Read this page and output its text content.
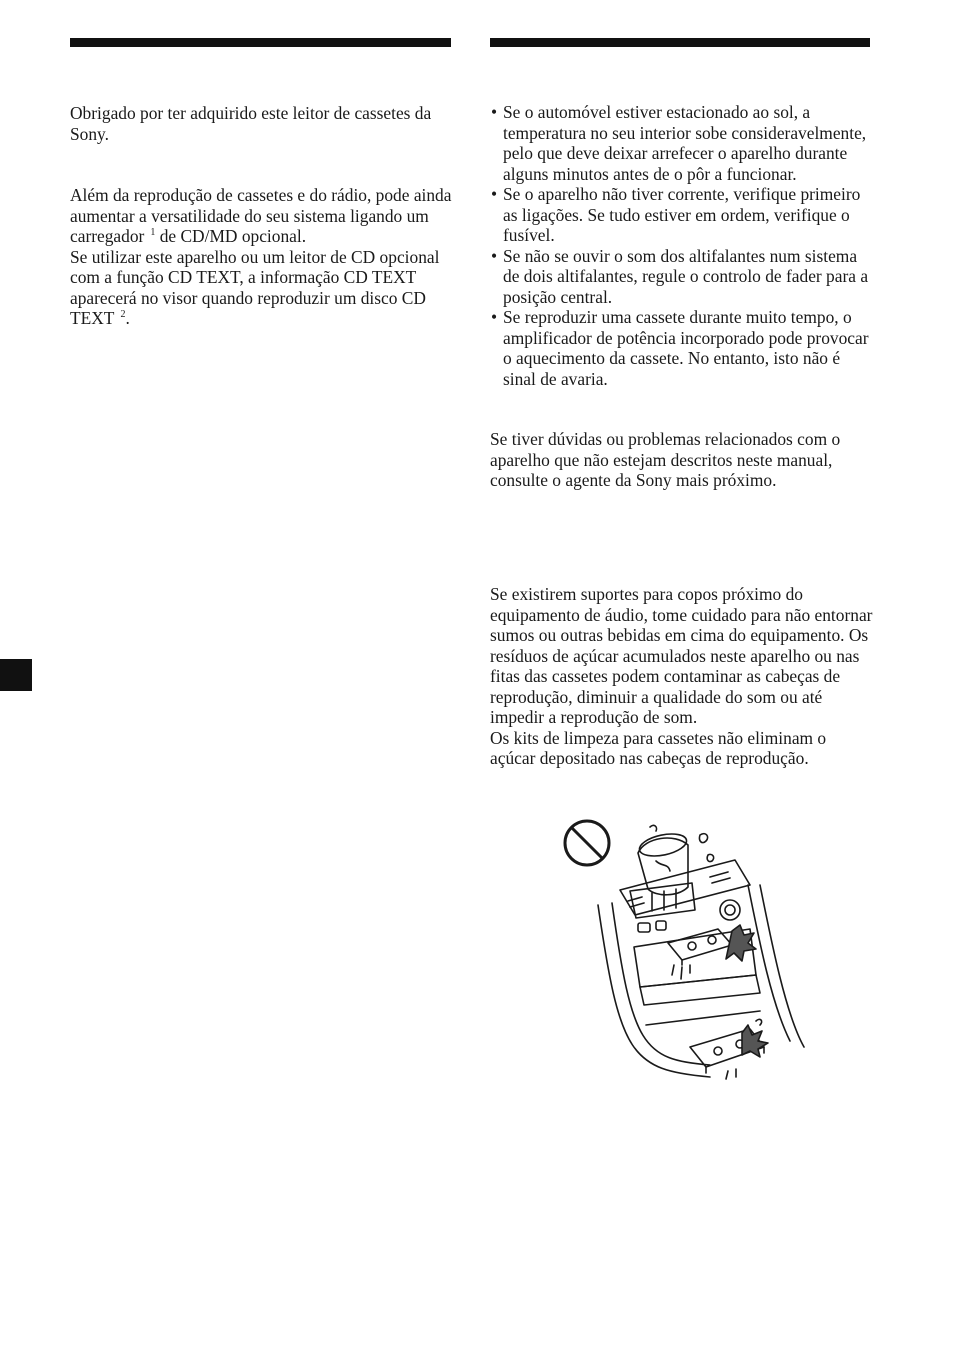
Obrigado por ter adquirido este leitor de cassetes da Sony.

Além da reprodução de cassetes e do rádio, pode ainda aumentar a versatilidade do seu sistema ligando um carregador $^1$ de CD/MD opcional.

Se utilizar este aparelho ou um leitor de CD opcional com a função CD TEXT, a informação CD TEXT aparecerá no visor quando reproduzir um disco CD TEXT $^2$.

• Se o automóvel estiver estacionado ao sol, a temperatura no seu interior sobe consideravelmente, pelo que deve deixar arrefecer o aparelho durante alguns minutos antes de o pôr a funcionar.
• Se o aparelho não tiver corrente, verifique primeiro as ligações. Se tudo estiver em ordem, verifique o fusível.
• Se não se ouvir o som dos altifalantes num sistema de dois altifalantes, regule o controlo de fader para a posição central.
• Se reproduzir uma cassete durante muito tempo, o amplificador de potência incorporado pode provocar o aquecimento da cassete. No entanto, isto não é sinal de avaria.

Se tiver dúvidas ou problemas relacionados com o aparelho que não estejam descritos neste manual, consulte o agente da Sony mais próximo.

Se existirem suportes para copos próximo do equipamento de áudio, tome cuidado para não entornar sumos ou outras bebidas em cima do equipamento. Os resíduos de açúcar acumulados neste aparelho ou nas fitas das cassetes podem contaminar as cabeças de reprodução, diminuir a qualidade do som ou até impedir a reprodução de som.

Os kits de limpeza para cassetes não eliminam o açúcar depositado nas cabeças de reprodução.
